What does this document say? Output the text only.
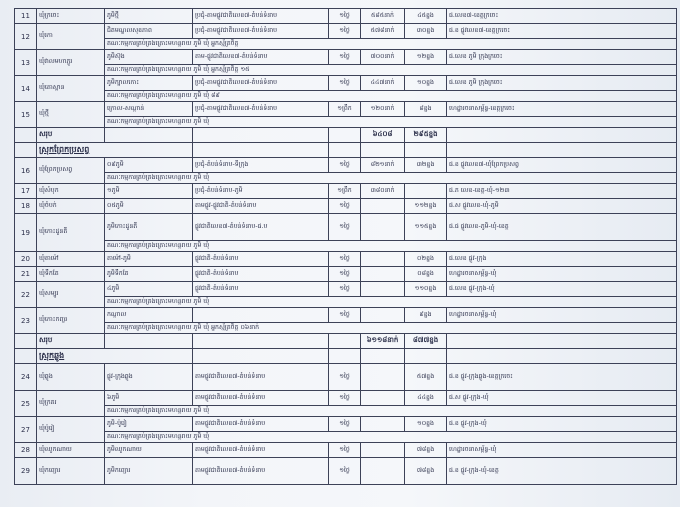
11	ឃុំក្រចេះ	ភូមិថ្មី	ប្រជុំ-តាមផ្លូវជាតិលេខ៧-តំបន់ទំនាប	១ថ្ងៃ	៥៨៥នាក់	៤៥ខ្នង	ផ.លេខ៧-ខេត្តក្រចេះ
12	ឃុំរកា	ជិតមណ្ឌលសុខភាព	ប្រជុំ-តាមផ្លូវជាតិលេខ៧-តំបន់ទំនាប	១ថ្ងៃ	៥៧៨នាក់	៣០ខ្នង	ផ.ខ ផ្លូវលេខ៧-ខេត្តក្រចេះ
		គណៈកម្មការគ្រប់គ្រងគ្រោះមហន្តរាយ ភូមិ ឃុំ អ្នកស្ម័គ្រចិត្ត					
13	ឃុំវាលមហាភ្ជូរ	ភូមិស៊ុង	តាម-ផ្លូវជាតិលេខ៧-តំបន់ទំនាប	១ថ្ងៃ	៧០០នាក់	១២ខ្នង	ផ.លេខ ភូមិ ក្រុងក្រចេះ
		គណៈកម្មការគ្រប់គ្រងគ្រោះមហន្តរាយ ភូមិ ឃុំ អ្នកស្ម័គ្រចិត្ត ១៥					
14	ឃុំគោស្ពាន	ភូមិក្បាលកោះ	ប្រជុំ-តាមផ្លូវជាតិលេខ៧-តំបន់ទំនាប	១ថ្ងៃ	៤៤៧នាក់	១០ខ្នង	ផ.លេខ ភូមិ ក្រុងក្រចេះ
		គណៈកម្មការគ្រប់គ្រងគ្រោះមហន្តរាយ ភូមិ ឃុំ ៨៩					
15	ឃុំថ្មី	ក្រោល-សណ្តាន់	ប្រជុំ-តាមផ្លូវជាតិលេខ៧-តំបន់ទំនាប	១ព្រឹក	១២០នាក់	៨ខ្នង	ហេដ្ឋារចនាសម្ព័ន្ធ-ខេត្តក្រចេះ
		គណៈកម្មការគ្រប់គ្រងគ្រោះមហន្តរាយ ភូមិ ឃុំ					
	សរុប				៦៤០៨	២៩៥ខ្នង	
	ស្រុកព្រែកប្រសព្វ						
16	ឃុំព្រែកប្រសព្វ	០៩ភូមិ	ប្រជុំ-តំបន់ទំនាប-ទីក្រុង	១ថ្ងៃ	៨២១នាក់	៣២ខ្នង	ផ.ខ ផ្លូវលេខ៧-ឃុំព្រែកប្រសព្វ
		គណៈកម្មការគ្រប់គ្រងគ្រោះមហន្តរាយ ភូមិ ឃុំ					
17	ឃុំសំបុក	១ភូមិ	ប្រជុំ-តំបន់ទំនាប-ភូមិ	១ព្រឹក	៣៨០នាក់		ផ.ភ លេខ-ខេត្ត-ឃុំ-១២៣
18	ឃុំចំបក់	០៥ភូមិ	តាមផ្លូវ-ផ្លូវជាតិ-តំបន់ទំនាប	១ថ្ងៃ		១១២ខ្នង	ផ.ស ផ្លូវលេខ-ឃុំ-ភូមិ
19	ឃុំកោះដូនតី	ភូមិកោះដូនតី	ផ្លូវជាតិលេខ៧-តំបន់ទំនាប-ផ.ប	១ថ្ងៃ		១១៥ខ្នង	ផ.ផ ផ្លូវលេខ-ភូមិ-ឃុំ-ខេត្ត
		គណៈកម្មការគ្រប់គ្រងគ្រោះមហន្តរាយ ភូមិ ឃុំ					
20	ឃុំតាម៉ៅ	តាម៉ៅ-ភូមិ	ផ្លូវជាតិ-តំបន់ទំនាប	១ថ្ងៃ		០២ខ្នង	ផ.លេខ ផ្លូវ-ក្រុង
21	ឃុំទឹកតែ	ភូមិទឹកតែ	ផ្លូវជាតិ-តំបន់ទំនាប	១ថ្ងៃ		០៨ខ្នង	ហេដ្ឋារចនាសម្ព័ន្ធ-ឃុំ
22	ឃុំសម្បូរ	៤ភូមិ	ផ្លូវជាតិ-តំបន់ទំនាប	១ថ្ងៃ		១១០ខ្នង	ផ.លេខ ផ្លូវ-ក្រុង-ឃុំ
		គណៈកម្មការគ្រប់គ្រងគ្រោះមហន្តរាយ ភូមិ ឃុំ					
23	ឃុំកោះកញ្ចរ	កណ្តាល		១ថ្ងៃ		៩ខ្នង	ហេដ្ឋារចនាសម្ព័ន្ធ-ឃុំ
		គណៈកម្មការគ្រប់គ្រងគ្រោះមហន្តរាយ ភូមិ ឃុំ អ្នកស្ម័គ្រចិត្ត ០៦នាក់					
	សរុប				៦១១៨នាក់	៨៧៧ខ្នង	
	ស្រុកឆ្លូង						
24	ឃុំឆ្លូង	ផ្លូវ-ក្រុងឆ្លូង	តាមផ្លូវជាតិលេខ៧-តំបន់ទំនាប	១ថ្ងៃ		៥៧ខ្នង	ផ.ខ ផ្លូវ-ក្រុងឆ្លូង-ខេត្តក្រចេះ
25	ឃុំក្រគរ	៦ភូមិ	តាមផ្លូវជាតិលេខ៧-តំបន់ទំនាប	១ថ្ងៃ		៤៤ខ្នង	ផ.ស ផ្លូវ-ក្រុង-ឃុំ
		គណៈកម្មការគ្រប់គ្រងគ្រោះមហន្តរាយ ភូមិ ឃុំ					
27	ឃុំប៉ូរៀ	ភូមិ-ប៉ូរៀ	តាមផ្លូវជាតិលេខ៧-តំបន់ទំនាប	១ថ្ងៃ		១០ខ្នង	ផ.ខ ផ្លូវ-ក្រុង-ឃុំ
		គណៈកម្មការគ្រប់គ្រងគ្រោះមហន្តរាយ ភូមិ ឃុំ					
28	ឃុំឈូកណាយ	ភូមិឈូកណាយ	តាមផ្លូវជាតិលេខ៧-តំបន់ទំនាប	១ថ្ងៃ		៧៨ខ្នង	ហេដ្ឋារចនាសម្ព័ន្ធ-ឃុំ
29	ឃុំកញ្ជោរ	ភូមិកញ្ជោរ	តាមផ្លូវជាតិលេខ៧-តំបន់ទំនាប	១ថ្ងៃ		៧៨ខ្នង	ផ.ខ ផ្លូវ-ក្រុង-ឃុំ-ខេត្ត
